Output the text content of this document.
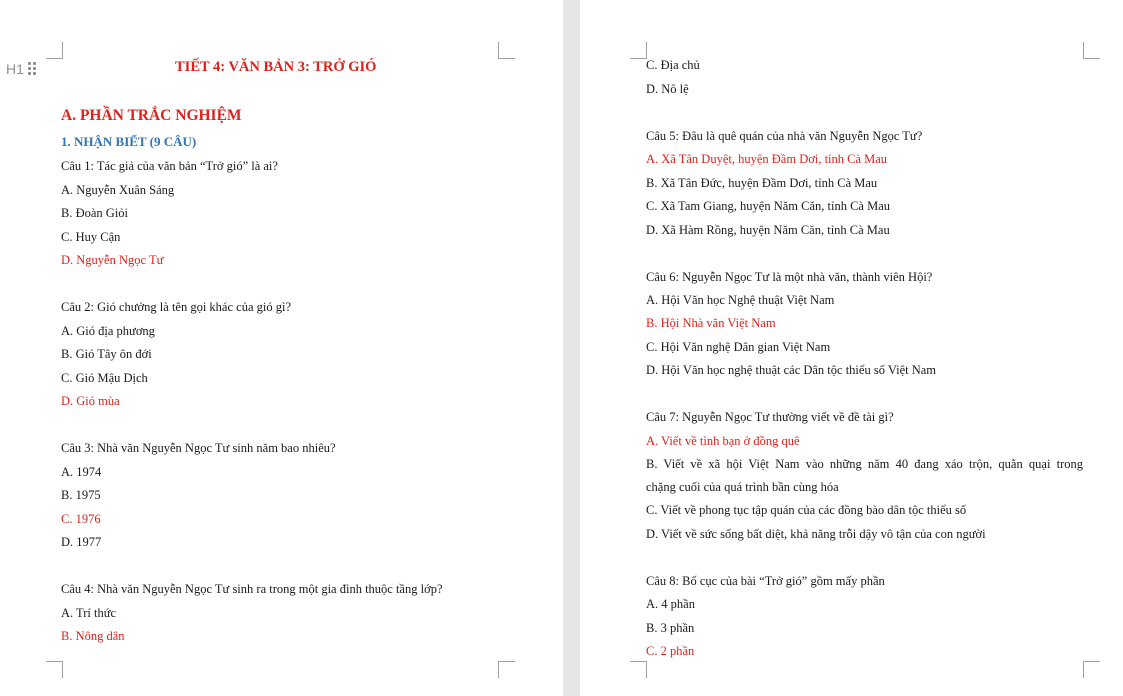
H1	TIẾT 4: VĂN BẢN 3: TRỞ GIÓ
A. PHẦN TRẮC NGHIỆM
1. NHẬN BIẾT (9 CÂU)
Câu 1: Tác giả của văn bản “Trở gió” là ai?
A. Nguyễn Xuân Sáng
B. Đoàn Giỏi
C. Huy Cận
D. Nguyễn Ngọc Tư
Câu 2: Gió chướng là tên gọi khác của gió gì?
A. Gió địa phương
B. Gió Tây ôn đới
C. Gió Mậu Dịch
D. Gió mùa
Câu 3: Nhà văn Nguyễn Ngọc Tư sinh năm bao nhiêu?
A. 1974
B. 1975
C. 1976
D. 1977
Câu 4: Nhà văn Nguyễn Ngọc Tư sinh ra trong một gia đình thuộc tầng lớp?
A. Trí thức
B. Nông dân
C. Địa chủ
D. Nô lệ
Câu 5: Đâu là quê quán của nhà văn Nguyễn Ngọc Tư?
A. Xã Tân Duyệt, huyện Đầm Dơi, tỉnh Cà Mau
B. Xã Tân Đức, huyện Đầm Dơi, tỉnh Cà Mau
C. Xã Tam Giang, huyện Năm Căn, tỉnh Cà Mau
D. Xã Hàm Rồng, huyện Năm Căn, tỉnh Cà Mau
Câu 6: Nguyễn Ngọc Tư là một nhà văn, thành viên Hội?
A. Hội Văn học Nghệ thuật Việt Nam
B. Hội Nhà văn Việt Nam
C. Hội Văn nghệ Dân gian Việt Nam
D. Hội Văn học nghệ thuật các Dân tộc thiểu số Việt Nam
Câu 7: Nguyễn Ngọc Tư thường viết về đề tài gì?
A. Viết về tình bạn ở đồng quê
B. Viết về xã hội Việt Nam vào những năm 40 đang xáo trộn, quằn quại trong
chặng cuối của quá trình bần cùng hóa
C. Viết về phong tục tập quán của các đồng bào dân tộc thiểu số
D. Viết về sức sống bất diệt, khả năng trỗi dậy vô tận của con người
Câu 8: Bố cục của bài “Trở gió” gồm mấy phần
A. 4 phần
B. 3 phần
C. 2 phần
